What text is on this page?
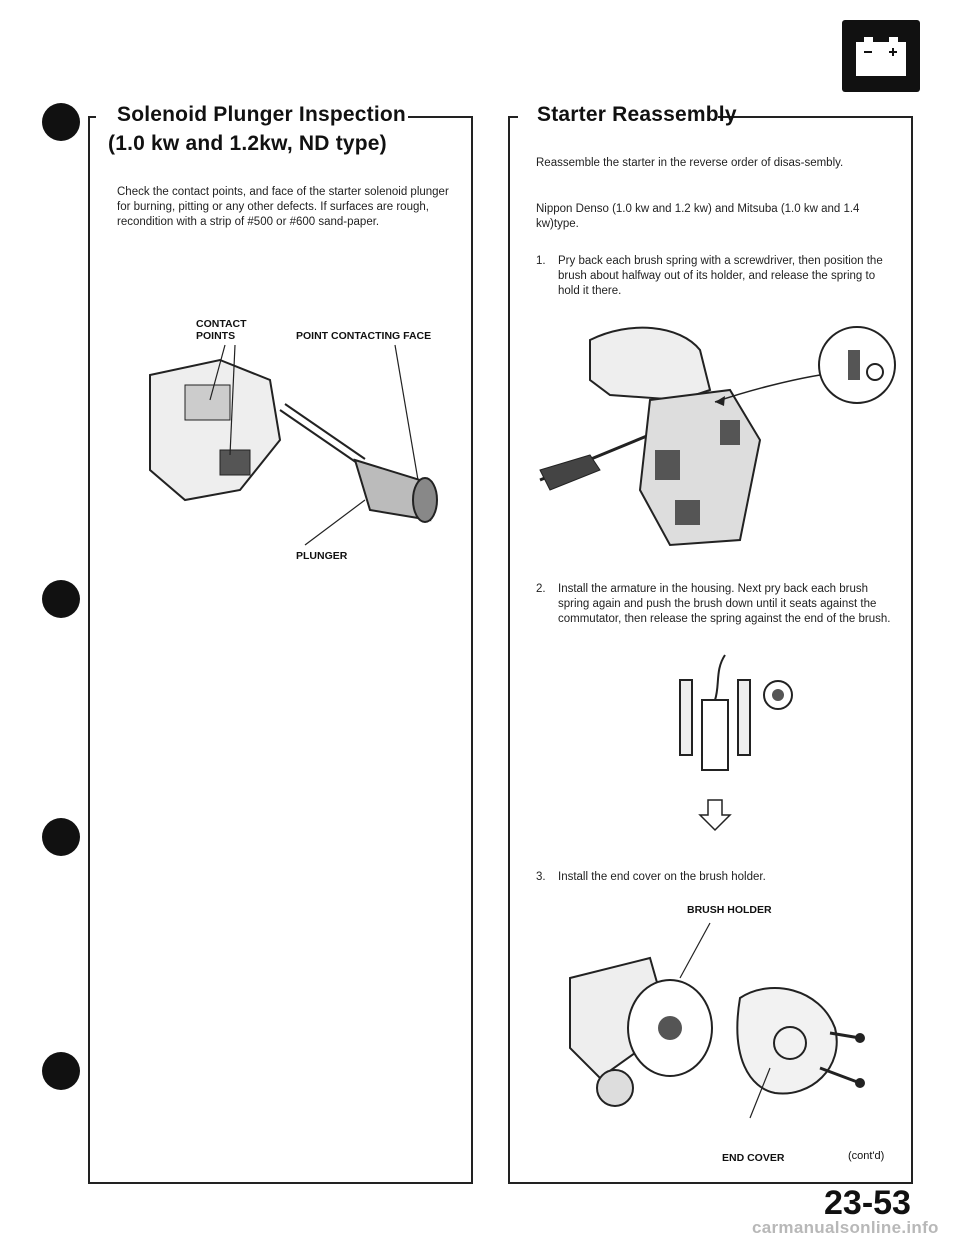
Solenoid Plunger Inspection
(1.0 kw and 1.2kw, ND type)
Check the contact points, and face of the starter solenoid plunger for burning, pitting or any other defects. If surfaces are rough, recondition with a strip of #500 or #600 sand-paper.
CONTACT
POINTS	POINT CONTACTING FACE
PLUNGER
Starter Reassembly
Reassemble the starter in the reverse order of disas-sembly.
Nippon Denso (1.0 kw and 1.2 kw) and Mitsuba (1.0 kw and 1.4 kw)type.
1. Pry back each brush spring with a screwdriver, then position the brush about halfway out of its holder, and release the spring to hold it there.
2. Install the armature in the housing. Next pry back each brush spring again and push the brush down until it seats against the commutator, then release the spring against the end of the brush.
3. Install the end cover on the brush holder.
BRUSH HOLDER
END COVER	(cont'd)
23-53
carmanualsonline.info
